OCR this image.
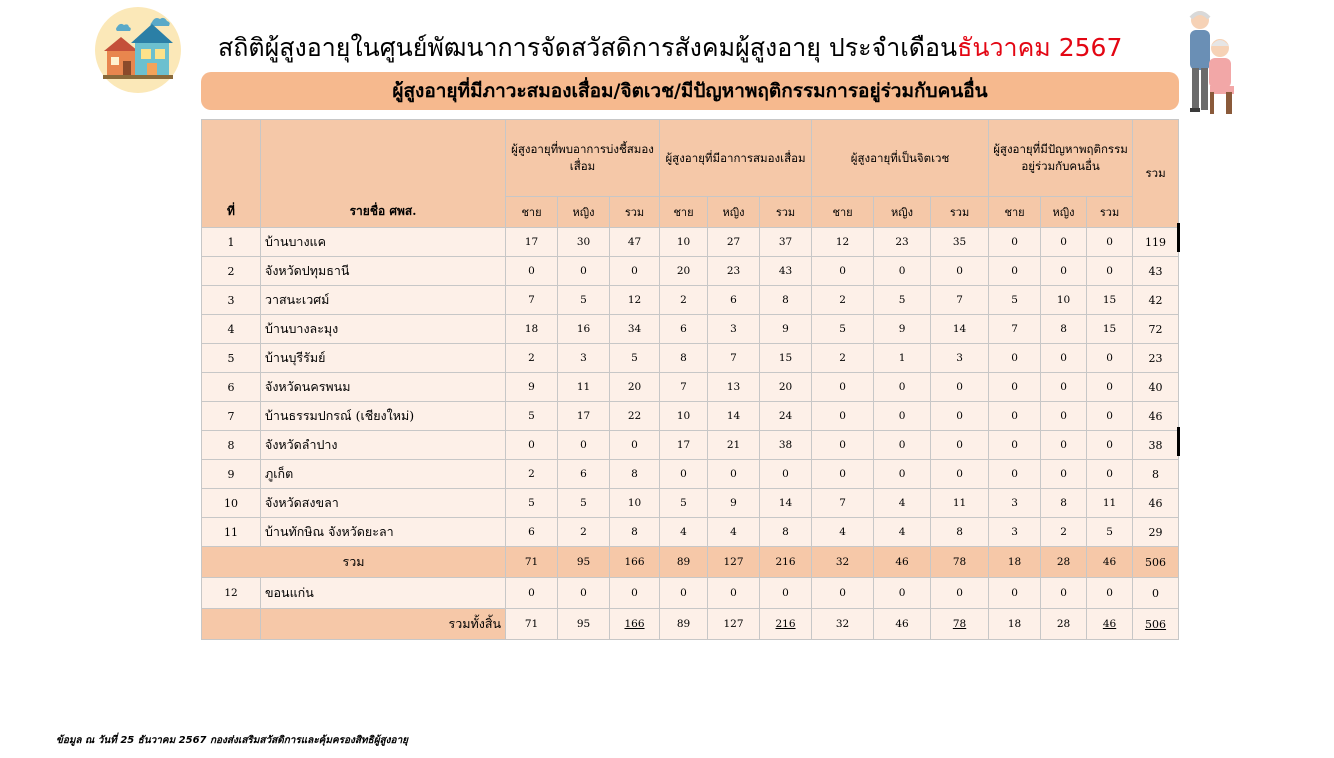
สถิติผู้สูงอายุในศูนย์พัฒนาการจัดสวัสดิการสังคมผู้สูงอายุ ประจำเดือนธันวาคม 2567
ผู้สูงอายุที่มีภาวะสมองเสื่อม/จิตเวช/มีปัญหาพฤติกรรมการอยู่ร่วมกับคนอื่น
ที่	รายชื่อ ศพส.	ผู้สูงอายุที่พบอาการบ่งชี้สมองเสื่อม			ผู้สูงอายุที่มีอาการสมองเสื่อม			ผู้สูงอายุที่เป็นจิตเวช			ผู้สูงอายุที่มีปัญหาพฤติกรรมอยู่ร่วมกับคนอื่น			รวม
		ชาย	หญิง	รวม	ชาย	หญิง	รวม	ชาย	หญิง	รวม	ชาย	หญิง	รวม	
1	บ้านบางแค	17	30	47	10	27	37	12	23	35	0	0	0	119
2	จังหวัดปทุมธานี	0	0	0	20	23	43	0	0	0	0	0	0	43
3	วาสนะเวศม์	7	5	12	2	6	8	2	5	7	5	10	15	42
4	บ้านบางละมุง	18	16	34	6	3	9	5	9	14	7	8	15	72
5	บ้านบุรีรัมย์	2	3	5	8	7	15	2	1	3	0	0	0	23
6	จังหวัดนครพนม	9	11	20	7	13	20	0	0	0	0	0	0	40
7	บ้านธรรมปกรณ์ (เชียงใหม่)	5	17	22	10	14	24	0	0	0	0	0	0	46
8	จังหวัดลำปาง	0	0	0	17	21	38	0	0	0	0	0	0	38
9	ภูเก็ต	2	6	8	0	0	0	0	0	0	0	0	0	8
10	จังหวัดสงขลา	5	5	10	5	9	14	7	4	11	3	8	11	46
11	บ้านทักษิณ จังหวัดยะลา	6	2	8	4	4	8	4	4	8	3	2	5	29
รวม		71	95	166	89	127	216	32	46	78	18	28	46	506
12	ขอนแก่น	0	0	0	0	0	0	0	0	0	0	0	0	0
	รวมทั้งสิ้น	71	95	166	89	127	216	32	46	78	18	28	46	506
ข้อมูล ณ วันที่ 25 ธันวาคม 2567 กองส่งเสริมสวัสดิการและคุ้มครองสิทธิผู้สูงอายุ
